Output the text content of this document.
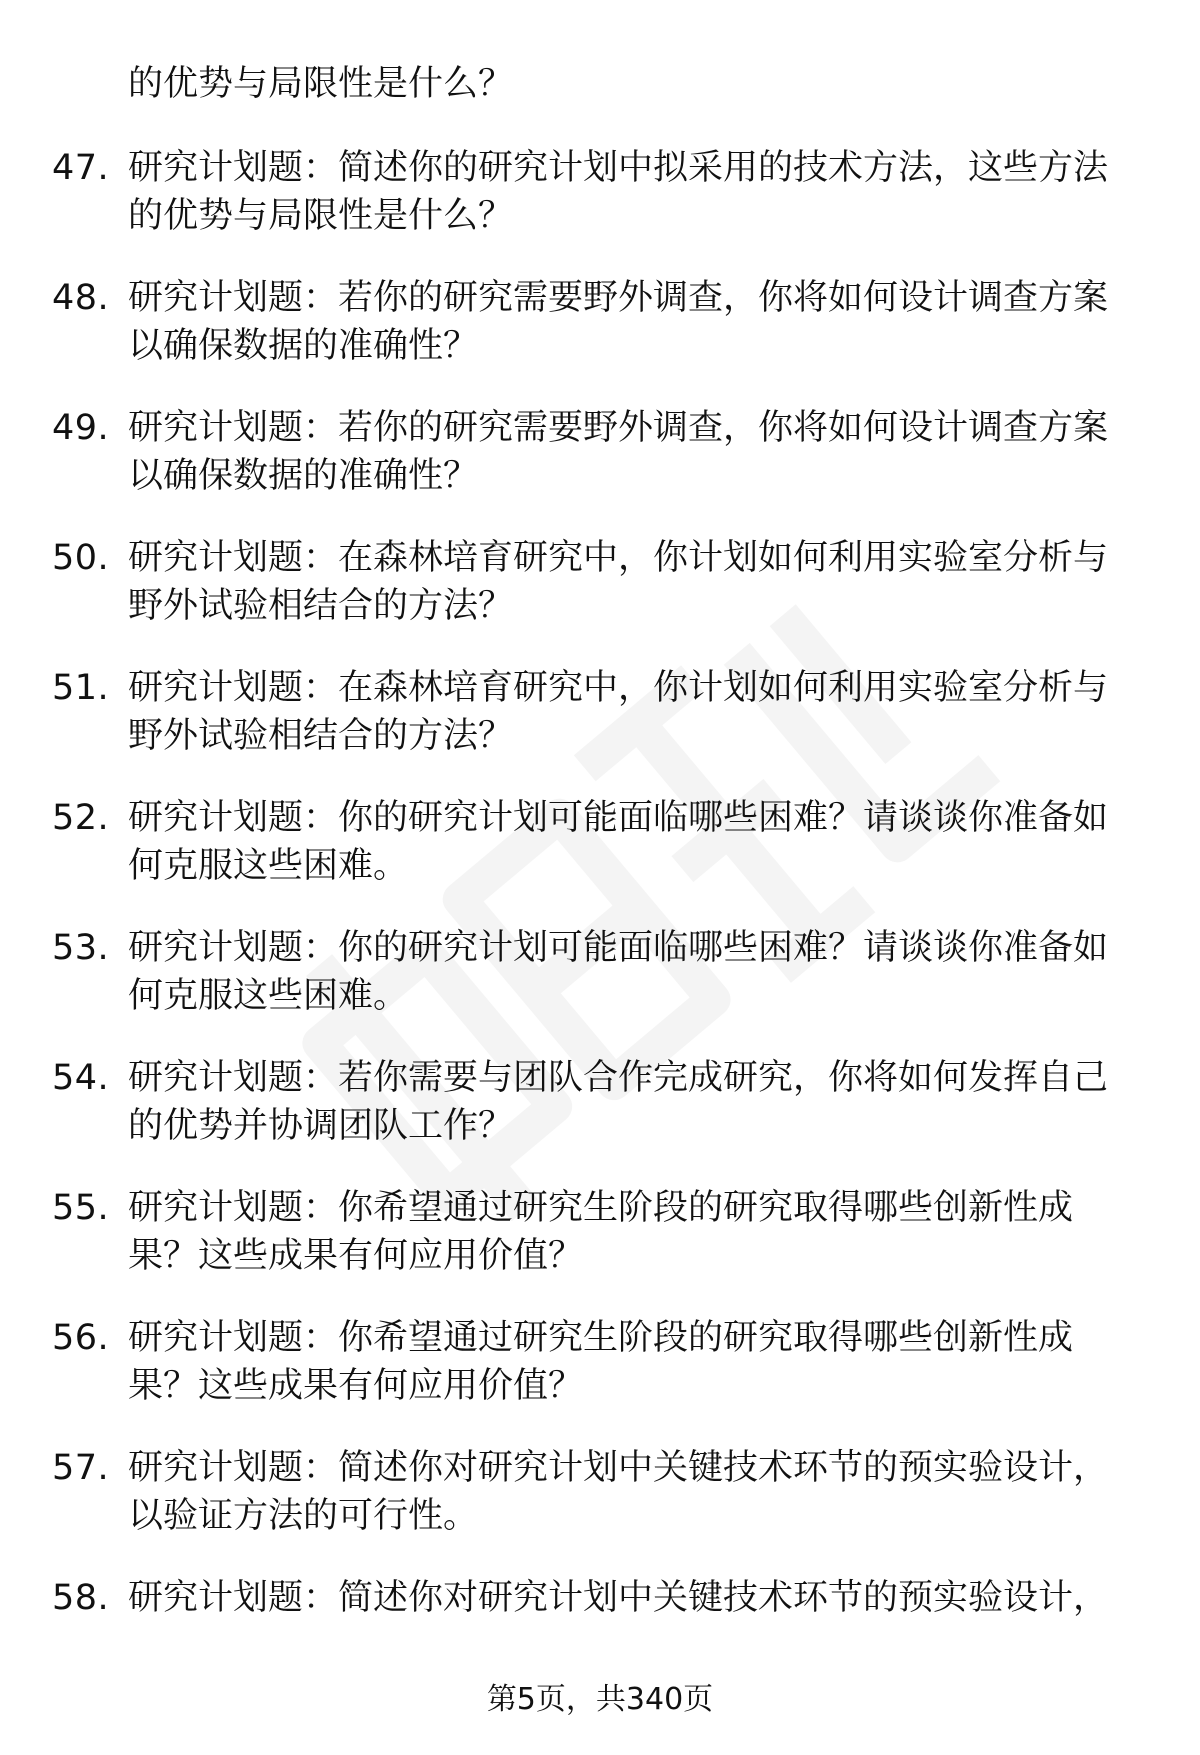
的优势与局限性是什么？
47. 研究计划题：简述你的研究计划中拟采用的技术方法，这些方法
的优势与局限性是什么？
48. 研究计划题：若你的研究需要野外调查，你将如何设计调查方案
以确保数据的准确性？
49. 研究计划题：若你的研究需要野外调查，你将如何设计调查方案
以确保数据的准确性？
50. 研究计划题：在森林培育研究中，你计划如何利用实验室分析与
野外试验相结合的方法？
51. 研究计划题：在森林培育研究中，你计划如何利用实验室分析与
野外试验相结合的方法？
52. 研究计划题：你的研究计划可能面临哪些困难？请谈谈你准备如
何克服这些困难。
53. 研究计划题：你的研究计划可能面临哪些困难？请谈谈你准备如
何克服这些困难。
54. 研究计划题：若你需要与团队合作完成研究，你将如何发挥自己
的优势并协调团队工作？
55. 研究计划题：你希望通过研究生阶段的研究取得哪些创新性成
果？这些成果有何应用价值？
56. 研究计划题：你希望通过研究生阶段的研究取得哪些创新性成
果？这些成果有何应用价值？
57. 研究计划题：简述你对研究计划中关键技术环节的预实验设计，
以验证方法的可行性。
58. 研究计划题：简述你对研究计划中关键技术环节的预实验设计，
第5页，共340页
